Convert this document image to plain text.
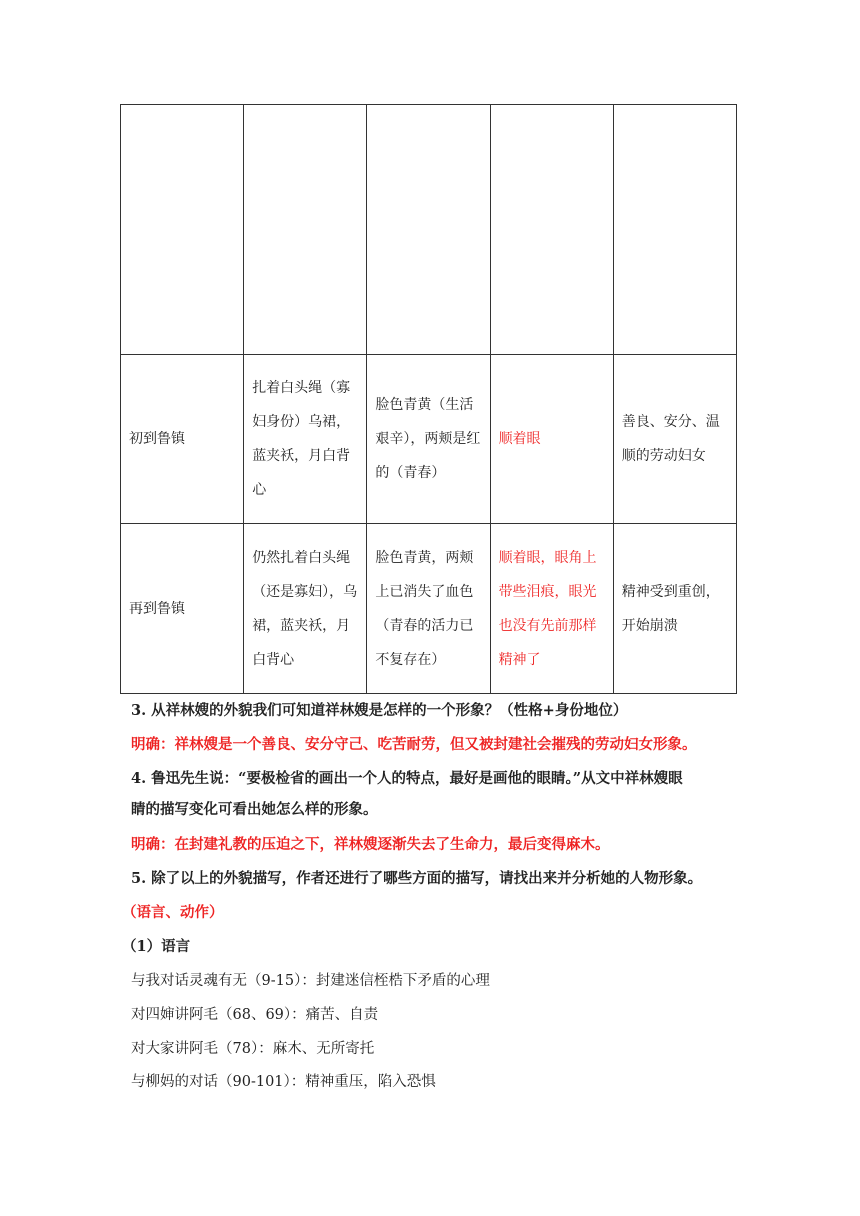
初到鲁镇	扎着白头绳（寡妇身份）乌裙，蓝夹袄，月白背心	脸色青黄（生活艰辛），两颊是红的（青春）	顺着眼	善良、安分、温顺的劳动妇女
再到鲁镇	仍然扎着白头绳（还是寡妇），乌裙，蓝夹袄，月白背心	脸色青黄，两颊上已消失了血色（青春的活力已不复存在）	顺着眼，眼角上带些泪痕，眼光也没有先前那样精神了	精神受到重创，开始崩溃
3. 从祥林嫂的外貌我们可知道祥林嫂是怎样的一个形象？（性格+身份地位）
明确：祥林嫂是一个善良、安分守己、吃苦耐劳，但又被封建社会摧残的劳动妇女形象。
4. 鲁迅先生说：“要极检省的画出一个人的特点，最好是画他的眼睛。”从文中祥林嫂眼
睛的描写变化可看出她怎么样的形象。
明确：在封建礼教的压迫之下，祥林嫂逐渐失去了生命力，最后变得麻木。
5. 除了以上的外貌描写，作者还进行了哪些方面的描写，请找出来并分析她的人物形象。
（语言、动作）
（1）语言
与我对话灵魂有无（9-15）：封建迷信桎梏下矛盾的心理
对四婶讲阿毛（68、69）：痛苦、自责
对大家讲阿毛（78）：麻木、无所寄托
与柳妈的对话（90-101）：精神重压，陷入恐惧
